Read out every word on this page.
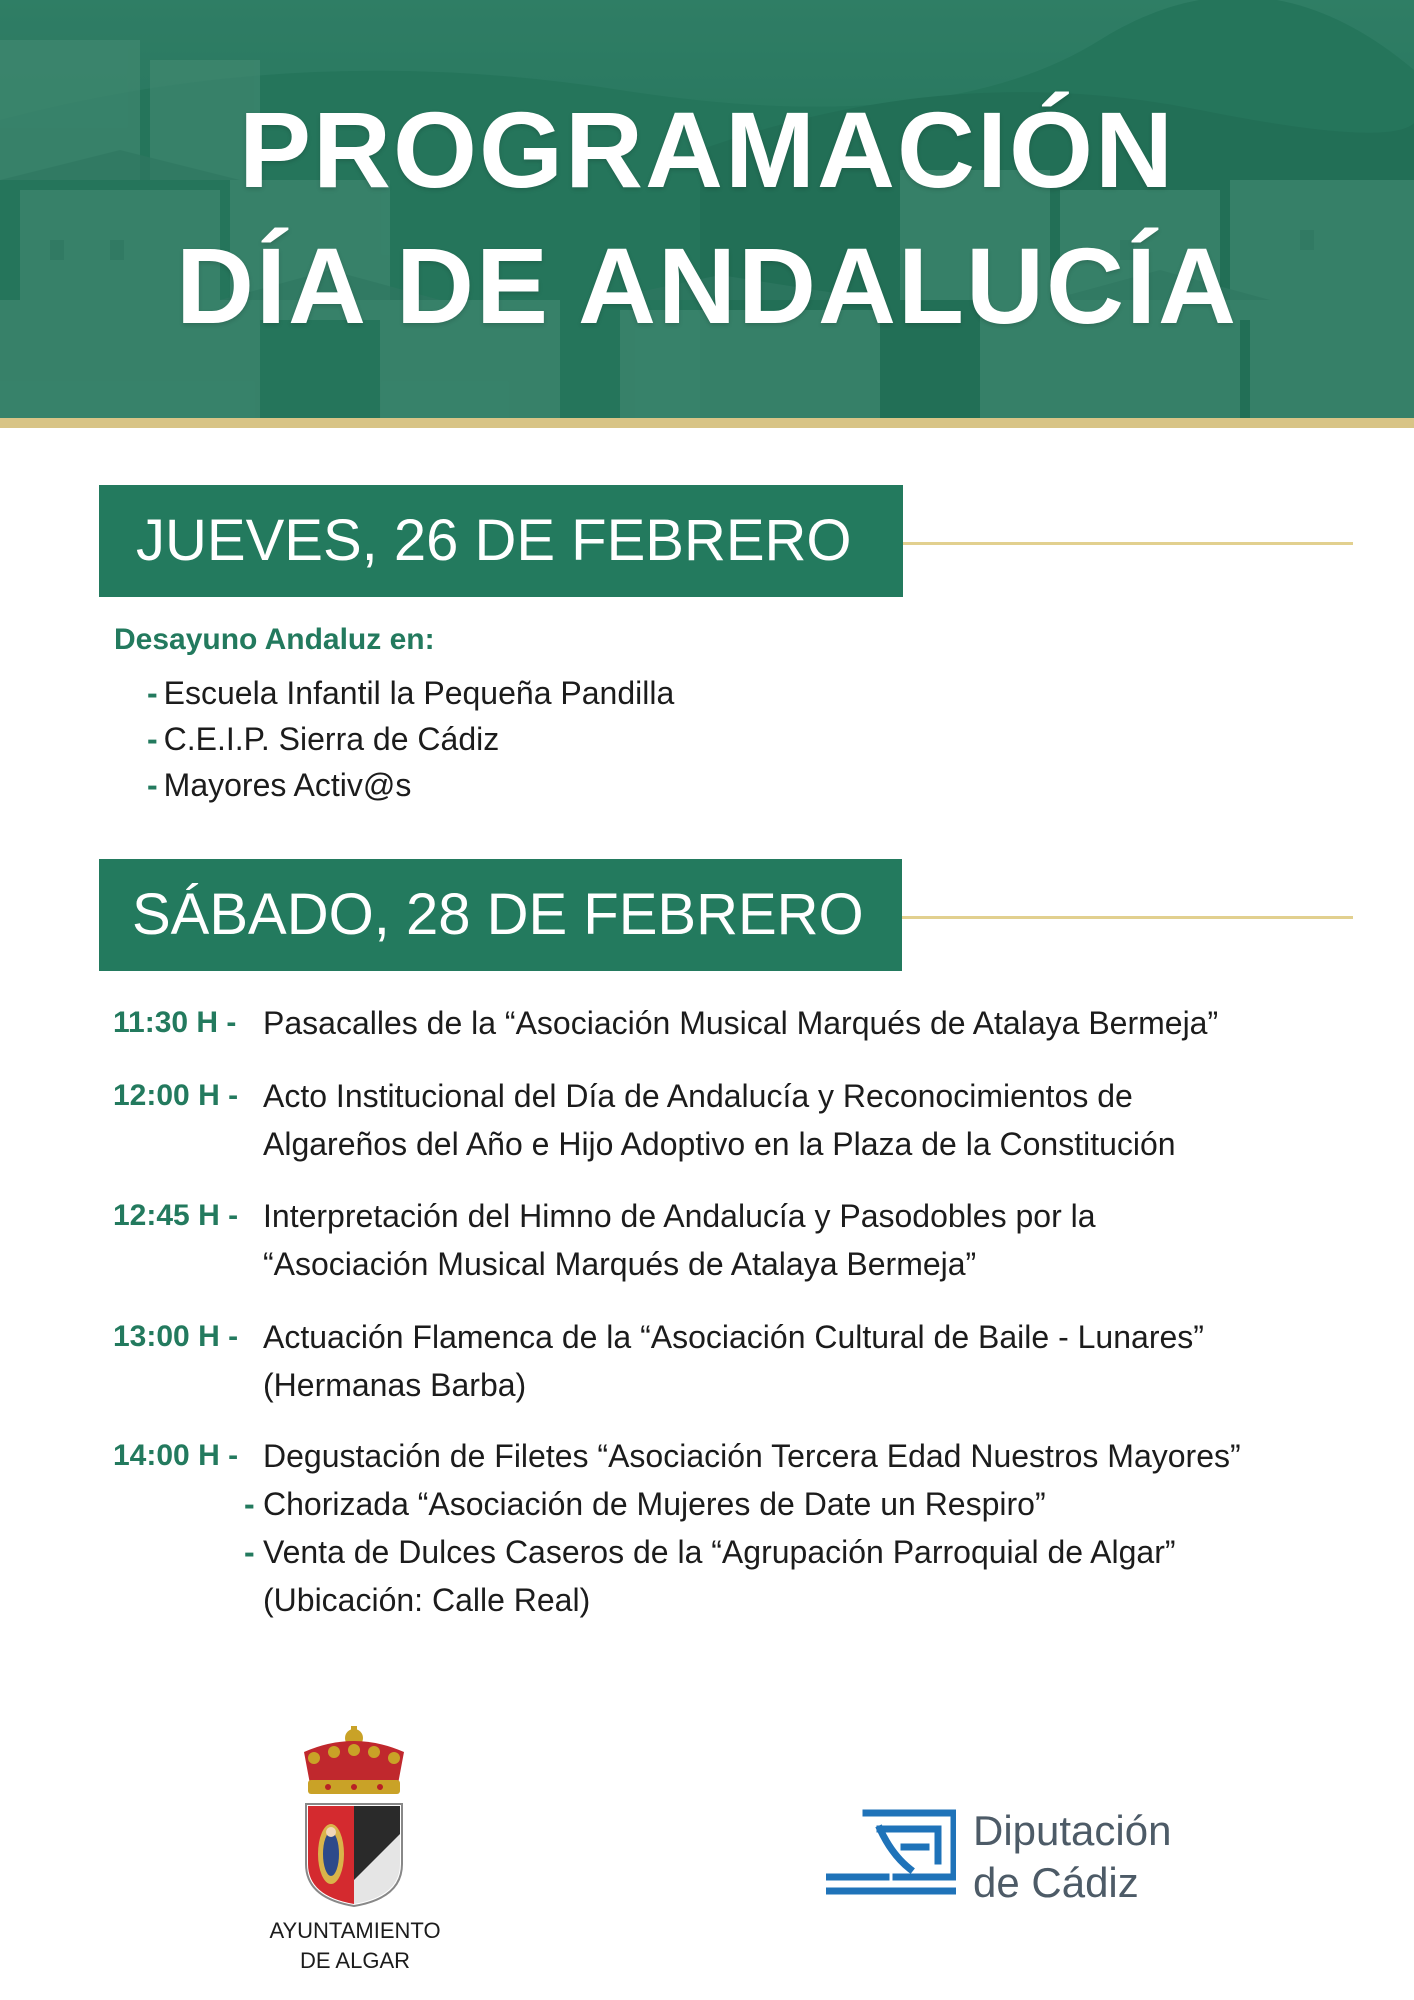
PROGRAMACIÓN
DÍA DE ANDALUCÍA
JUEVES, 26 DE FEBRERO
Desayuno Andaluz en:
- Escuela Infantil la Pequeña Pandilla
- C.E.I.P. Sierra de Cádiz
- Mayores Activ@s
SÁBADO, 28 DE FEBRERO
11:30 H - Pasacalles de la “Asociación Musical Marqués de Atalaya Bermeja”
12:00 H - Acto Institucional del Día de Andalucía y Reconocimientos de
Algareños del Año e Hijo Adoptivo en la Plaza de la Constitución
12:45 H - Interpretación del Himno de Andalucía y Pasodobles por la
“Asociación Musical Marqués de Atalaya Bermeja”
13:00 H - Actuación Flamenca de la “Asociación Cultural de Baile - Lunares”
(Hermanas Barba)
14:00 H - Degustación de Filetes “Asociación Tercera Edad Nuestros Mayores”
- Chorizada “Asociación de Mujeres de Date un Respiro”
- Venta de Dulces Caseros de la “Agrupación Parroquial de Algar”
(Ubicación: Calle Real)
AYUNTAMIENTO
DE ALGAR
Diputación
de Cádiz
